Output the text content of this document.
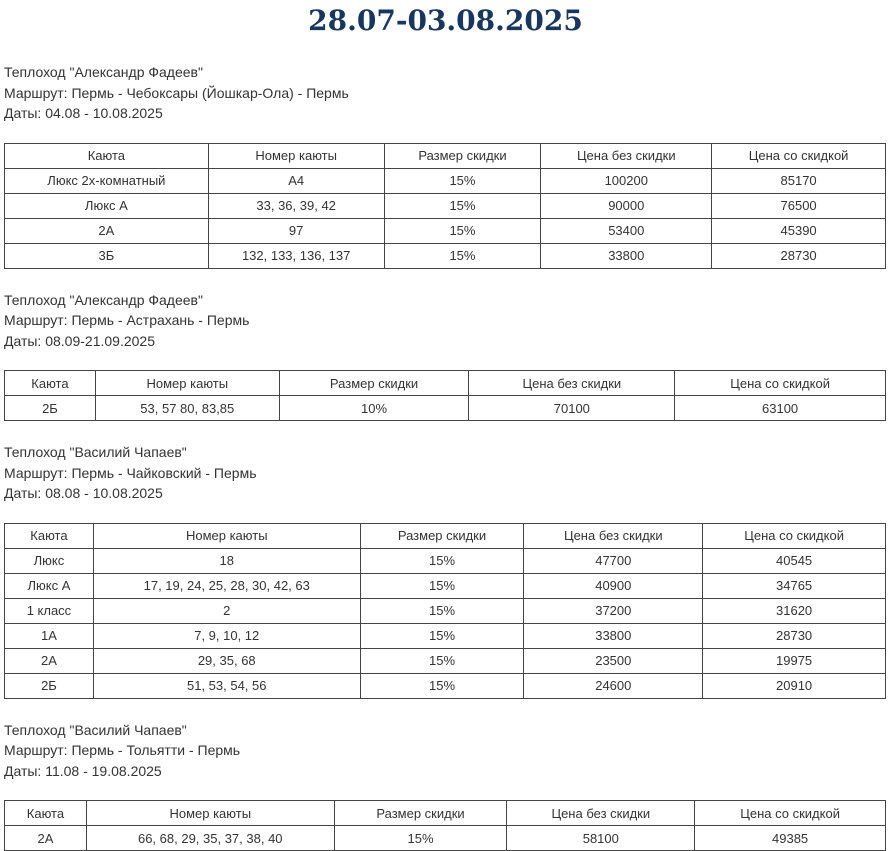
28.07-03.08.2025

Теплоход "Александр Фадеев"

Маршрут: Пермь - Чебоксары (Йошкар-Ола) - Пермь

Даты: 04.08 - 10.08.2025

Каюта	Номер каюты	Размер скидки	Цена без скидки	Цена со скидкой
Люкс 2х-комнатный	А4	15%	100200	85170
Люкс А	33, 36, 39, 42	15%	90000	76500
2А	97	15%	53400	45390
3Б	132, 133, 136, 137	15%	33800	28730

Теплоход "Александр Фадеев"

Маршрут: Пермь - Астрахань - Пермь

Даты: 08.09-21.09.2025

Каюта	Номер каюты	Размер скидки	Цена без скидки	Цена со скидкой
2Б	53, 57 80, 83,85	10%	70100	63100

Теплоход "Василий Чапаев"

Маршрут: Пермь - Чайковский - Пермь

Даты: 08.08 - 10.08.2025

Каюта	Номер каюты	Размер скидки	Цена без скидки	Цена со скидкой
Люкс	18	15%	47700	40545
Люкс А	17, 19, 24, 25, 28, 30, 42, 63	15%	40900	34765
1 класс	2	15%	37200	31620
1А	7, 9, 10, 12	15%	33800	28730
2А	29, 35, 68	15%	23500	19975
2Б	51, 53, 54, 56	15%	24600	20910

Теплоход "Василий Чапаев"

Маршрут: Пермь - Тольятти - Пермь

Даты: 11.08 - 19.08.2025

Каюта	Номер каюты	Размер скидки	Цена без скидки	Цена со скидкой
2А	66, 68, 29, 35, 37, 38, 40	15%	58100	49385
